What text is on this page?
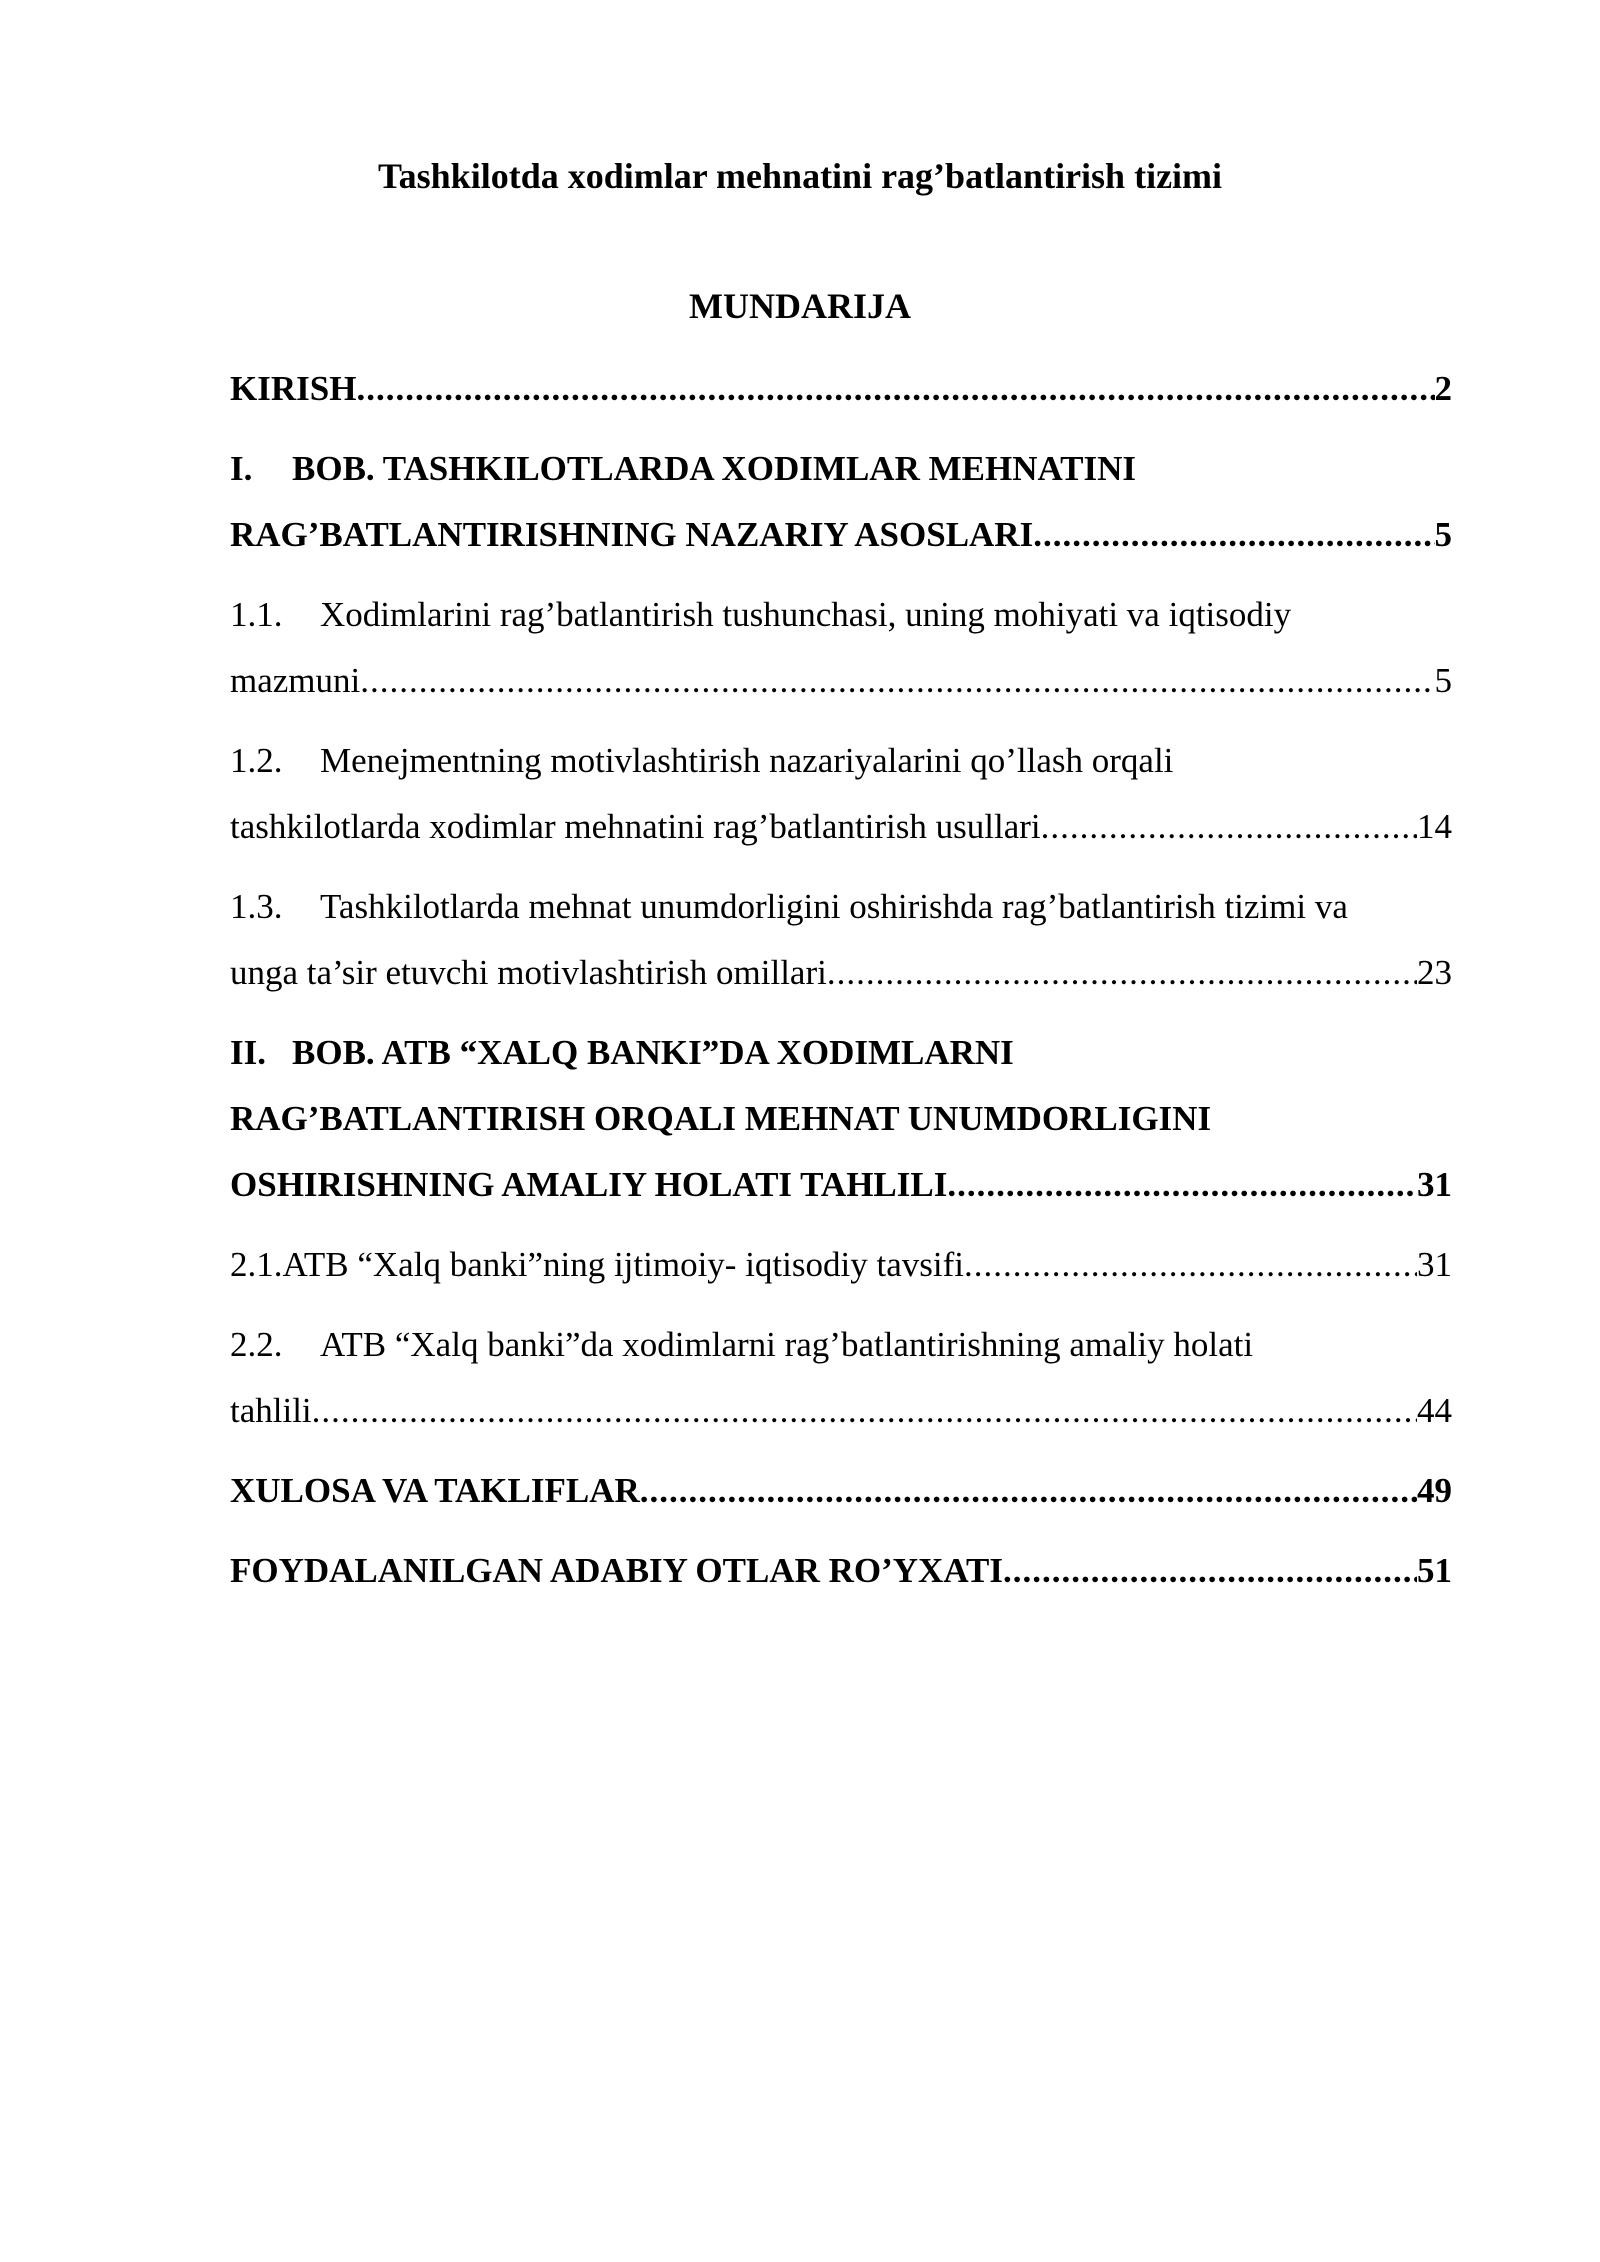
Tashkilotda xodimlar mehnatini rag’batlantirish tizimi
MUNDARIJA
KIRISH .....	2
I. BOB. TASHKILOTLARDA XODIMLAR MEHNATINI
RAG’BATLANTIRISHNING NAZARIY ASOSLARI .....	5
1.1. Xodimlarini rag’batlantirish tushunchasi, uning mohiyati va iqtisodiy
mazmuni .....	5
1.2. Menejmentning motivlashtirish nazariyalarini qo’llash orqali
tashkilotlarda xodimlar mehnatini rag’batlantirish usullari .....	14
1.3. Tashkilotlarda mehnat unumdorligini oshirishda rag’batlantirish tizimi va
unga ta’sir etuvchi motivlashtirish omillari .....	23
II. BOB. ATB “XALQ BANKI”DA XODIMLARNI
RAG’BATLANTIRISH ORQALI MEHNAT UNUMDORLIGINI
OSHIRISHNING AMALIY HOLATI TAHLILI .....	31
2.1. ATB “Xalq banki”ning ijtimoiy- iqtisodiy tavsifi .....	31
2.2. ATB “Xalq banki”da xodimlarni rag’batlantirishning amaliy holati
tahlili .....	44
XULOSA VA TAKLIFLAR .....	49
FOYDALANILGAN ADABIY OTLAR RO’YXATI .....	51
